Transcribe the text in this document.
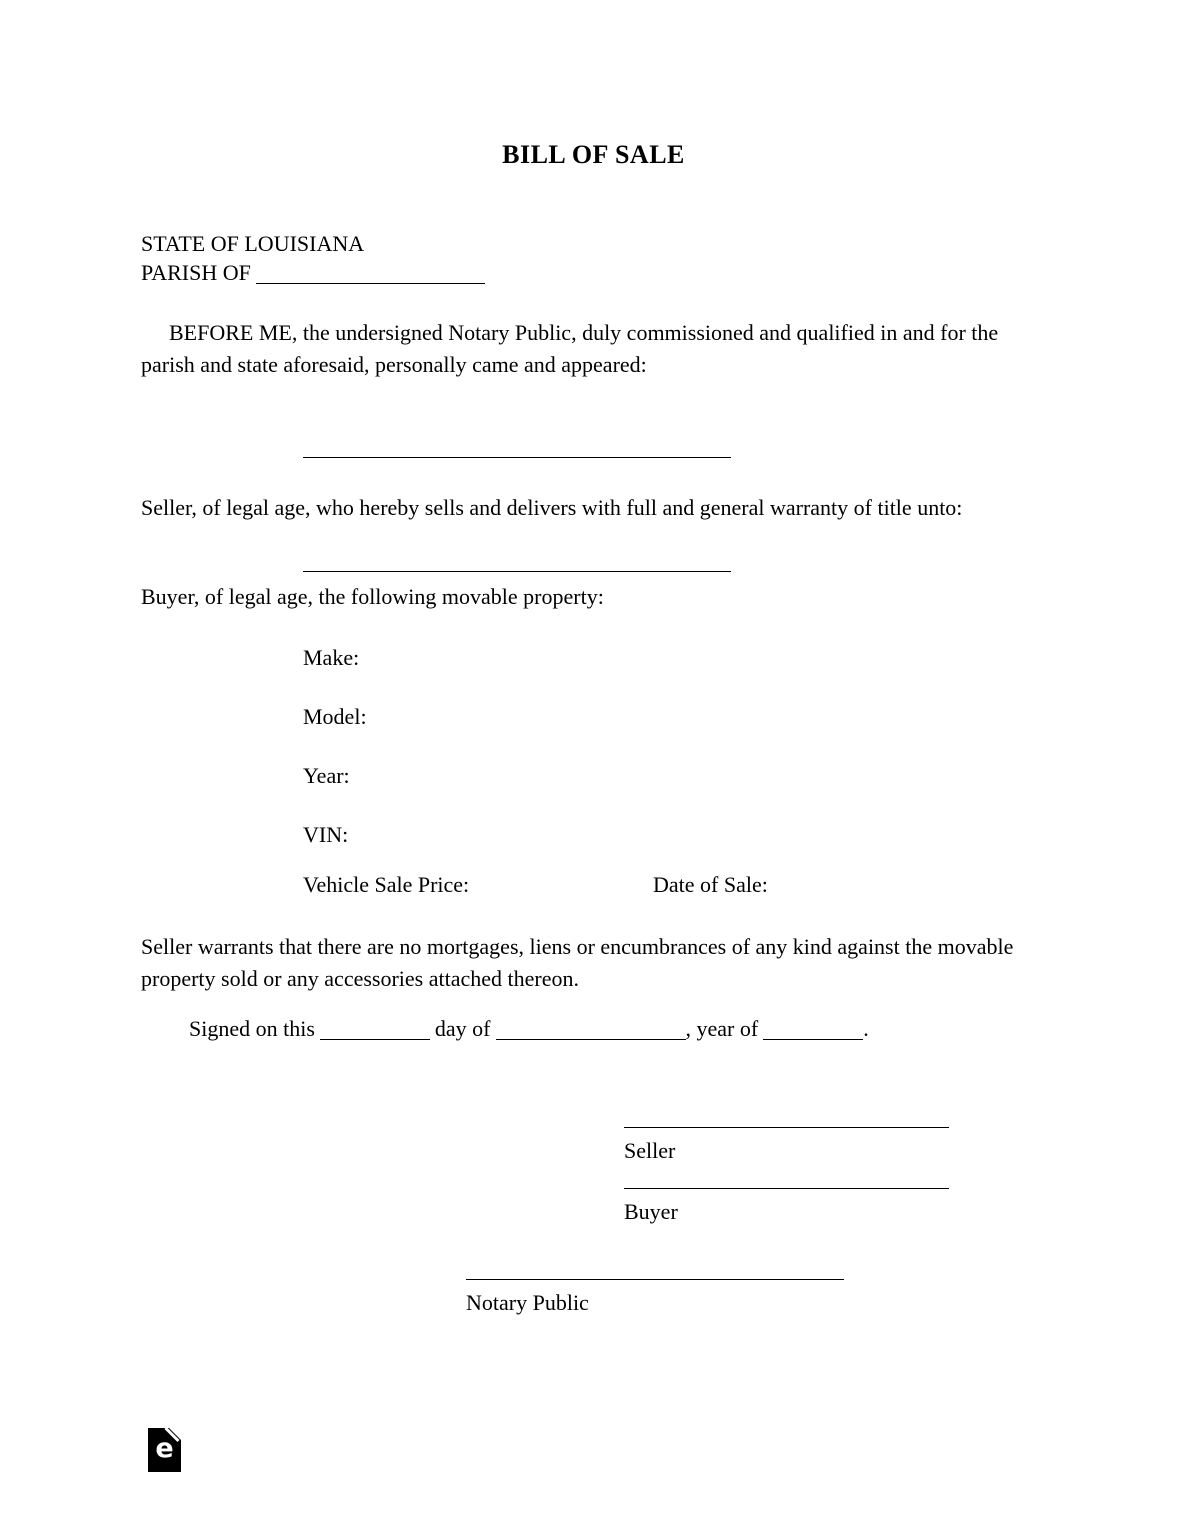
BILL OF SALE
STATE OF LOUISIANA
PARISH OF

BEFORE ME, the undersigned Notary Public, duly commissioned and qualified in and for the parish and state aforesaid, personally came and appeared:

Seller, of legal age, who hereby sells and delivers with full and general warranty of title unto:

Buyer, of legal age, the following movable property:

Make:
Model:
Year:
VIN:
Vehicle Sale Price:	Date of Sale:

Seller warrants that there are no mortgages, liens or encumbrances of any kind against the movable property sold or any accessories attached thereon.

Signed on this	day of	, year of	.
Seller
Buyer
Notary Public
e
